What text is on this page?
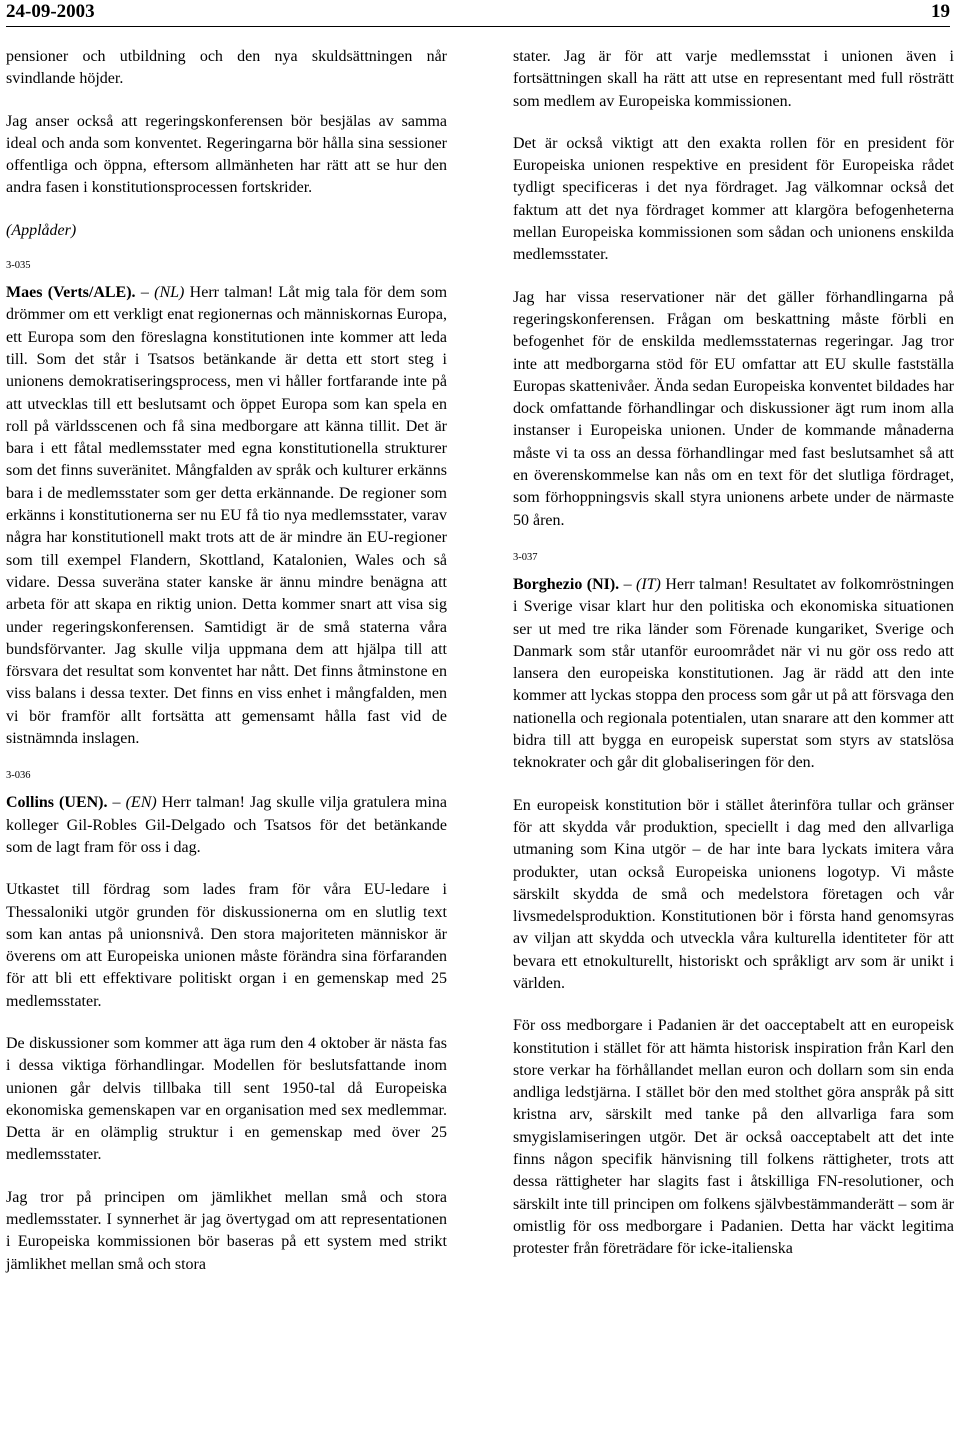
24-09-2003	19

pensioner och utbildning och den nya skuldsättningen når svindlande höjder.

Jag anser också att regeringskonferensen bör besjälas av samma ideal och anda som konventet. Regeringarna bör hålla sina sessioner offentliga och öppna, eftersom allmänheten har rätt att se hur den andra fasen i konstitutionsprocessen fortskrider.

(Applåder)
3-035

Maes (Verts/ALE). – (NL) Herr talman! Låt mig tala för dem som drömmer om ett verkligt enat regionernas och människornas Europa, ett Europa som den föreslagna konstitutionen inte kommer att leda till. Som det står i Tsatsos betänkande är detta ett stort steg i unionens demokratiseringsprocess, men vi håller fortfarande inte på att utvecklas till ett beslutsamt och öppet Europa som kan spela en roll på världsscenen och få sina medborgare att känna tillit. Det är bara i ett fåtal medlemsstater med egna konstitutionella strukturer som det finns suveränitet. Mångfalden av språk och kulturer erkänns bara i de medlemsstater som ger detta erkännande. De regioner som erkänns i konstitutionerna ser nu EU få tio nya medlemsstater, varav några har konstitutionell makt trots att de är mindre än EU-regioner som till exempel Flandern, Skottland, Katalonien, Wales och så vidare. Dessa suveräna stater kanske är ännu mindre benägna att arbeta för att skapa en riktig union. Detta kommer snart att visa sig under regeringskonferensen. Samtidigt är de små staterna våra bundsförvanter. Jag skulle vilja uppmana dem att hjälpa till att försvara det resultat som konventet har nått. Det finns åtminstone en viss balans i dessa texter. Det finns en viss enhet i mångfalden, men vi bör framför allt fortsätta att gemensamt hålla fast vid de sistnämnda inslagen.

3-036

Collins (UEN). – (EN) Herr talman! Jag skulle vilja gratulera mina kolleger Gil-Robles Gil-Delgado och Tsatsos för det betänkande som de lagt fram för oss i dag.

Utkastet till fördrag som lades fram för våra EU-ledare i Thessaloniki utgör grunden för diskussionerna om en slutlig text som kan antas på unionsnivå. Den stora majoriteten människor är överens om att Europeiska unionen måste förändra sina förfaranden för att bli ett effektivare politiskt organ i en gemenskap med 25 medlemsstater.

De diskussioner som kommer att äga rum den 4 oktober är nästa fas i dessa viktiga förhandlingar. Modellen för beslutsfattande inom unionen går delvis tillbaka till sent 1950-tal då Europeiska ekonomiska gemenskapen var en organisation med sex medlemmar. Detta är en olämplig struktur i en gemenskap med över 25 medlemsstater.

Jag tror på principen om jämlikhet mellan små och stora medlemsstater. I synnerhet är jag övertygad om att representationen i Europeiska kommissionen bör baseras på ett system med strikt jämlikhet mellan små och stora

stater. Jag är för att varje medlemsstat i unionen även i fortsättningen skall ha rätt att utse en representant med full rösträtt som medlem av Europeiska kommissionen.

Det är också viktigt att den exakta rollen för en president för Europeiska unionen respektive en president för Europeiska rådet tydligt specificeras i det nya fördraget. Jag välkomnar också det faktum att det nya fördraget kommer att klargöra befogenheterna mellan Europeiska kommissionen som sådan och unionens enskilda medlemsstater.

Jag har vissa reservationer när det gäller förhandlingarna på regeringskonferensen. Frågan om beskattning måste förbli en befogenhet för de enskilda medlemsstaternas regeringar. Jag tror inte att medborgarna stöd för EU omfattar att EU skulle fastställa Europas skattenivåer. Ända sedan Europeiska konventet bildades har dock omfattande förhandlingar och diskussioner ägt rum inom alla instanser i Europeiska unionen. Under de kommande månaderna måste vi ta oss an dessa förhandlingar med fast beslutsamhet så att en överenskommelse kan nås om en text för det slutliga fördraget, som förhoppningsvis skall styra unionens arbete under de närmaste 50 åren.

3-037

Borghezio (NI). – (IT) Herr talman! Resultatet av folkomröstningen i Sverige visar klart hur den politiska och ekonomiska situationen ser ut med tre rika länder som Förenade kungariket, Sverige och Danmark som står utanför euroområdet när vi nu gör oss redo att lansera den europeiska konstitutionen. Jag är rädd att den inte kommer att lyckas stoppa den process som går ut på att försvaga den nationella och regionala potentialen, utan snarare att den kommer att bidra till att bygga en europeisk superstat som styrs av statslösa teknokrater och går dit globaliseringen för den.

En europeisk konstitution bör i stället återinföra tullar och gränser för att skydda vår produktion, speciellt i dag med den allvarliga utmaning som Kina utgör – de har inte bara lyckats imitera våra produkter, utan också Europeiska unionens logotyp. Vi måste särskilt skydda de små och medelstora företagen och vår livsmedelsproduktion. Konstitutionen bör i första hand genomsyras av viljan att skydda och utveckla våra kulturella identiteter för att bevara ett etnokulturellt, historiskt och språkligt arv som är unikt i världen.

För oss medborgare i Padanien är det oacceptabelt att en europeisk konstitution i stället för att hämta historisk inspiration från Karl den store verkar ha förhållandet mellan euron och dollarn som sin enda andliga ledstjärna. I stället bör den med stolthet göra anspråk på sitt kristna arv, särskilt med tanke på den allvarliga fara som smygislamiseringen utgör. Det är också oacceptabelt att det inte finns någon specifik hänvisning till folkens rättigheter, trots att dessa rättigheter har slagits fast i åtskilliga FN-resolutioner, och särskilt inte till principen om folkens självbestämmanderätt – som är omistlig för oss medborgare i Padanien. Detta har väckt legitima protester från företrädare för icke-italienska
